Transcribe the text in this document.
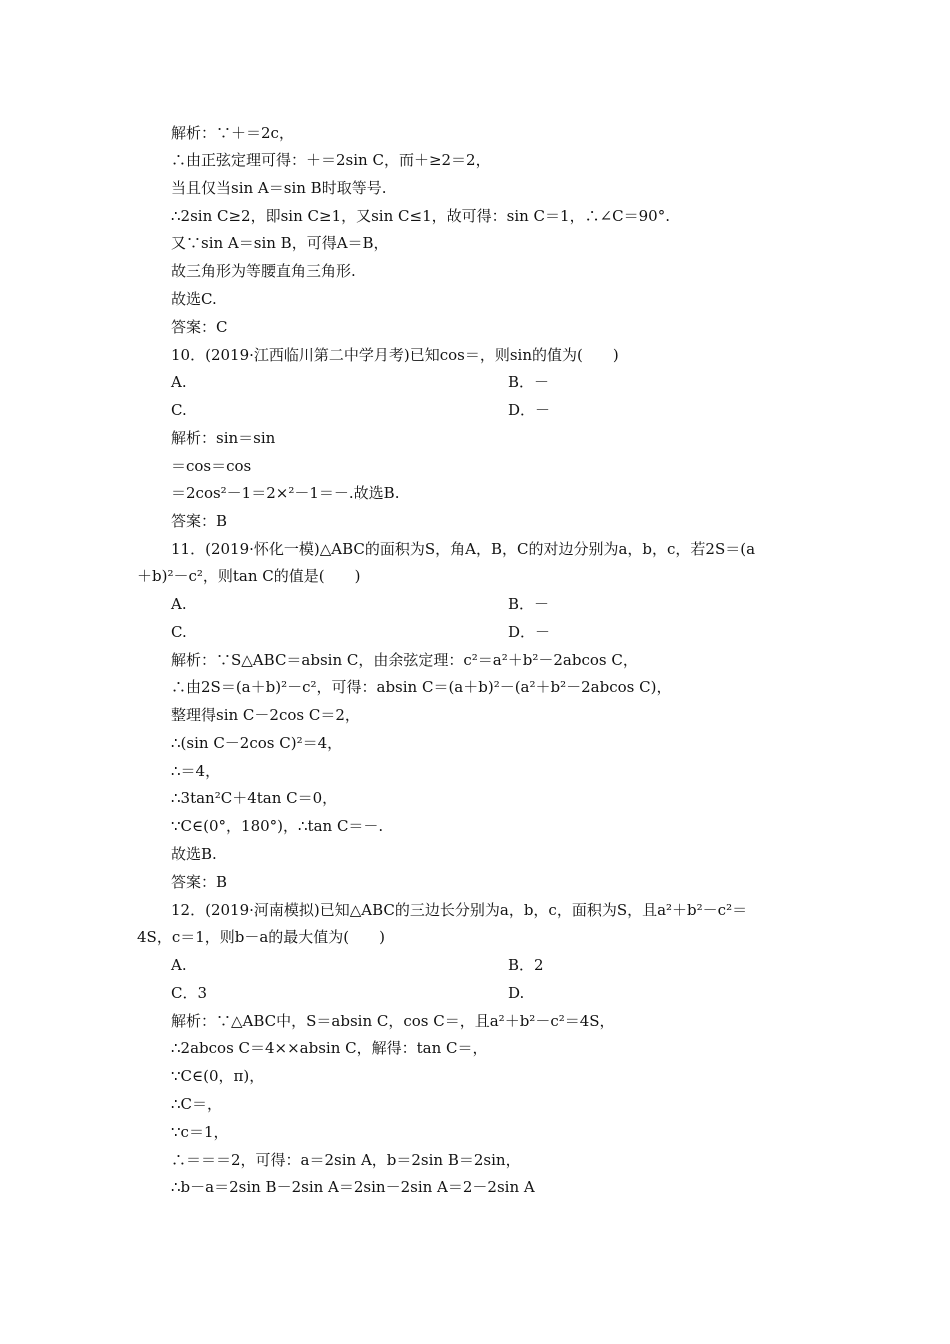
解析：∵＋＝2c，
∴由正弦定理可得：＋＝2sin C，而＋≥2＝2，
当且仅当sin A＝sin B时取等号.
∴2sin C≥2，即sin C≥1，又sin C≤1，故可得：sin C＝1，∴∠C＝90°.
又∵sin A＝sin B，可得A＝B，
故三角形为等腰直角三角形.
故选C.
答案：C
10．(2019·江西临川第二中学月考)已知cos＝，则sin的值为(　　)
A.	B．－
C.	D．－
解析：sin＝sin
＝cos＝cos
＝2cos²－1＝2×²－1＝－.故选B.
答案：B
11．(2019·怀化一模)△ABC的面积为S，角A，B，C的对边分别为a，b，c，若2S＝(a
＋b)²－c²，则tan C的值是(　　)
A.	B．－
C.	D．－
解析：∵S△ABC＝absin C，由余弦定理：c²＝a²＋b²－2abcos C，
∴由2S＝(a＋b)²－c²，可得：absin C＝(a＋b)²－(a²＋b²－2abcos C)，
整理得sin C－2cos C＝2，
∴(sin C－2cos C)²＝4，
∴＝4，
∴3tan²C＋4tan C＝0，
∵C∈(0°，180°)，∴tan C＝－.
故选B.
答案：B
12．(2019·河南模拟)已知△ABC的三边长分别为a，b，c，面积为S，且a²＋b²－c²＝
4S，c＝1，则b－a的最大值为(　　)
A.	B．2
C．3	D.
解析：∵△ABC中，S＝absin C，cos C＝，且a²＋b²－c²＝4S，
∴2abcos C＝4××absin C，解得：tan C＝，
∵C∈(0，π)，
∴C＝，
∵c＝1，
∴＝＝＝2，可得：a＝2sin A，b＝2sin B＝2sin，
∴b－a＝2sin B－2sin A＝2sin－2sin A＝2－2sin A
